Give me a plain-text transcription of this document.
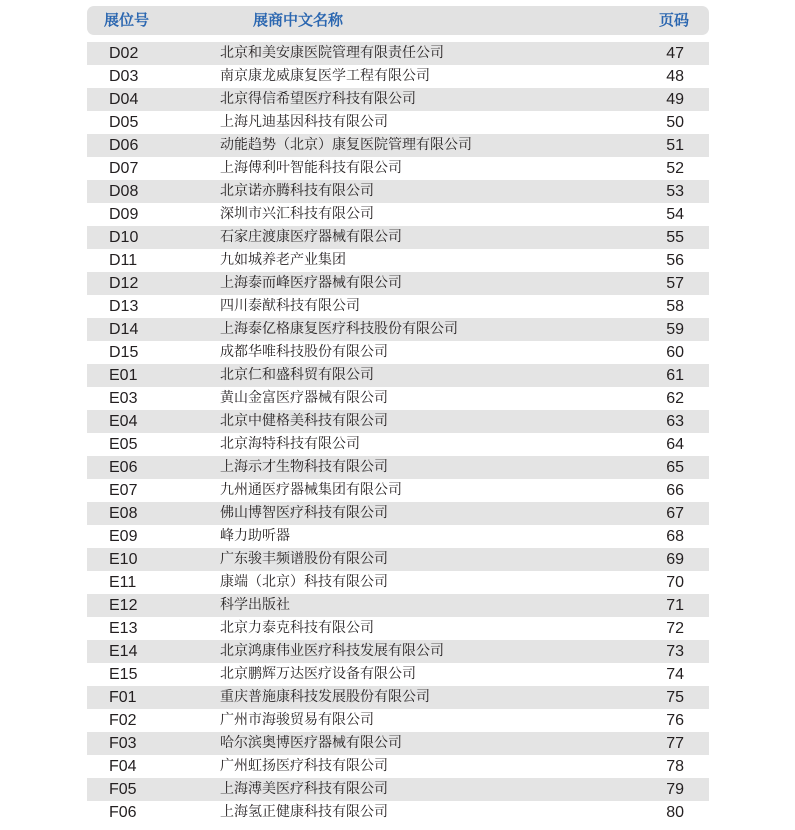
展位号	展商中文名称	页码
D02	北京和美安康医院管理有限责任公司	47
D03	南京康龙威康复医学工程有限公司	48
D04	北京得信希望医疗科技有限公司	49
D05	上海凡迪基因科技有限公司	50
D06	动能趋势（北京）康复医院管理有限公司	51
D07	上海傅利叶智能科技有限公司	52
D08	北京诺亦腾科技有限公司	53
D09	深圳市兴汇科技有限公司	54
D10	石家庄渡康医疗器械有限公司	55
D11	九如城养老产业集团	56
D12	上海泰而峰医疗器械有限公司	57
D13	四川泰猷科技有限公司	58
D14	上海泰亿格康复医疗科技股份有限公司	59
D15	成都华唯科技股份有限公司	60
E01	北京仁和盛科贸有限公司	61
E03	黄山金富医疗器械有限公司	62
E04	北京中健格美科技有限公司	63
E05	北京海特科技有限公司	64
E06	上海示才生物科技有限公司	65
E07	九州通医疗器械集团有限公司	66
E08	佛山博智医疗科技有限公司	67
E09	峰力助听器	68
E10	广东骏丰频谱股份有限公司	69
E11	康端（北京）科技有限公司	70
E12	科学出版社	71
E13	北京力泰克科技有限公司	72
E14	北京鸿康伟业医疗科技发展有限公司	73
E15	北京鹏辉万达医疗设备有限公司	74
F01	重庆普施康科技发展股份有限公司	75
F02	广州市海骏贸易有限公司	76
F03	哈尔滨奥博医疗器械有限公司	77
F04	广州虹扬医疗科技有限公司	78
F05	上海溥美医疗科技有限公司	79
F06	上海氢正健康科技有限公司	80
